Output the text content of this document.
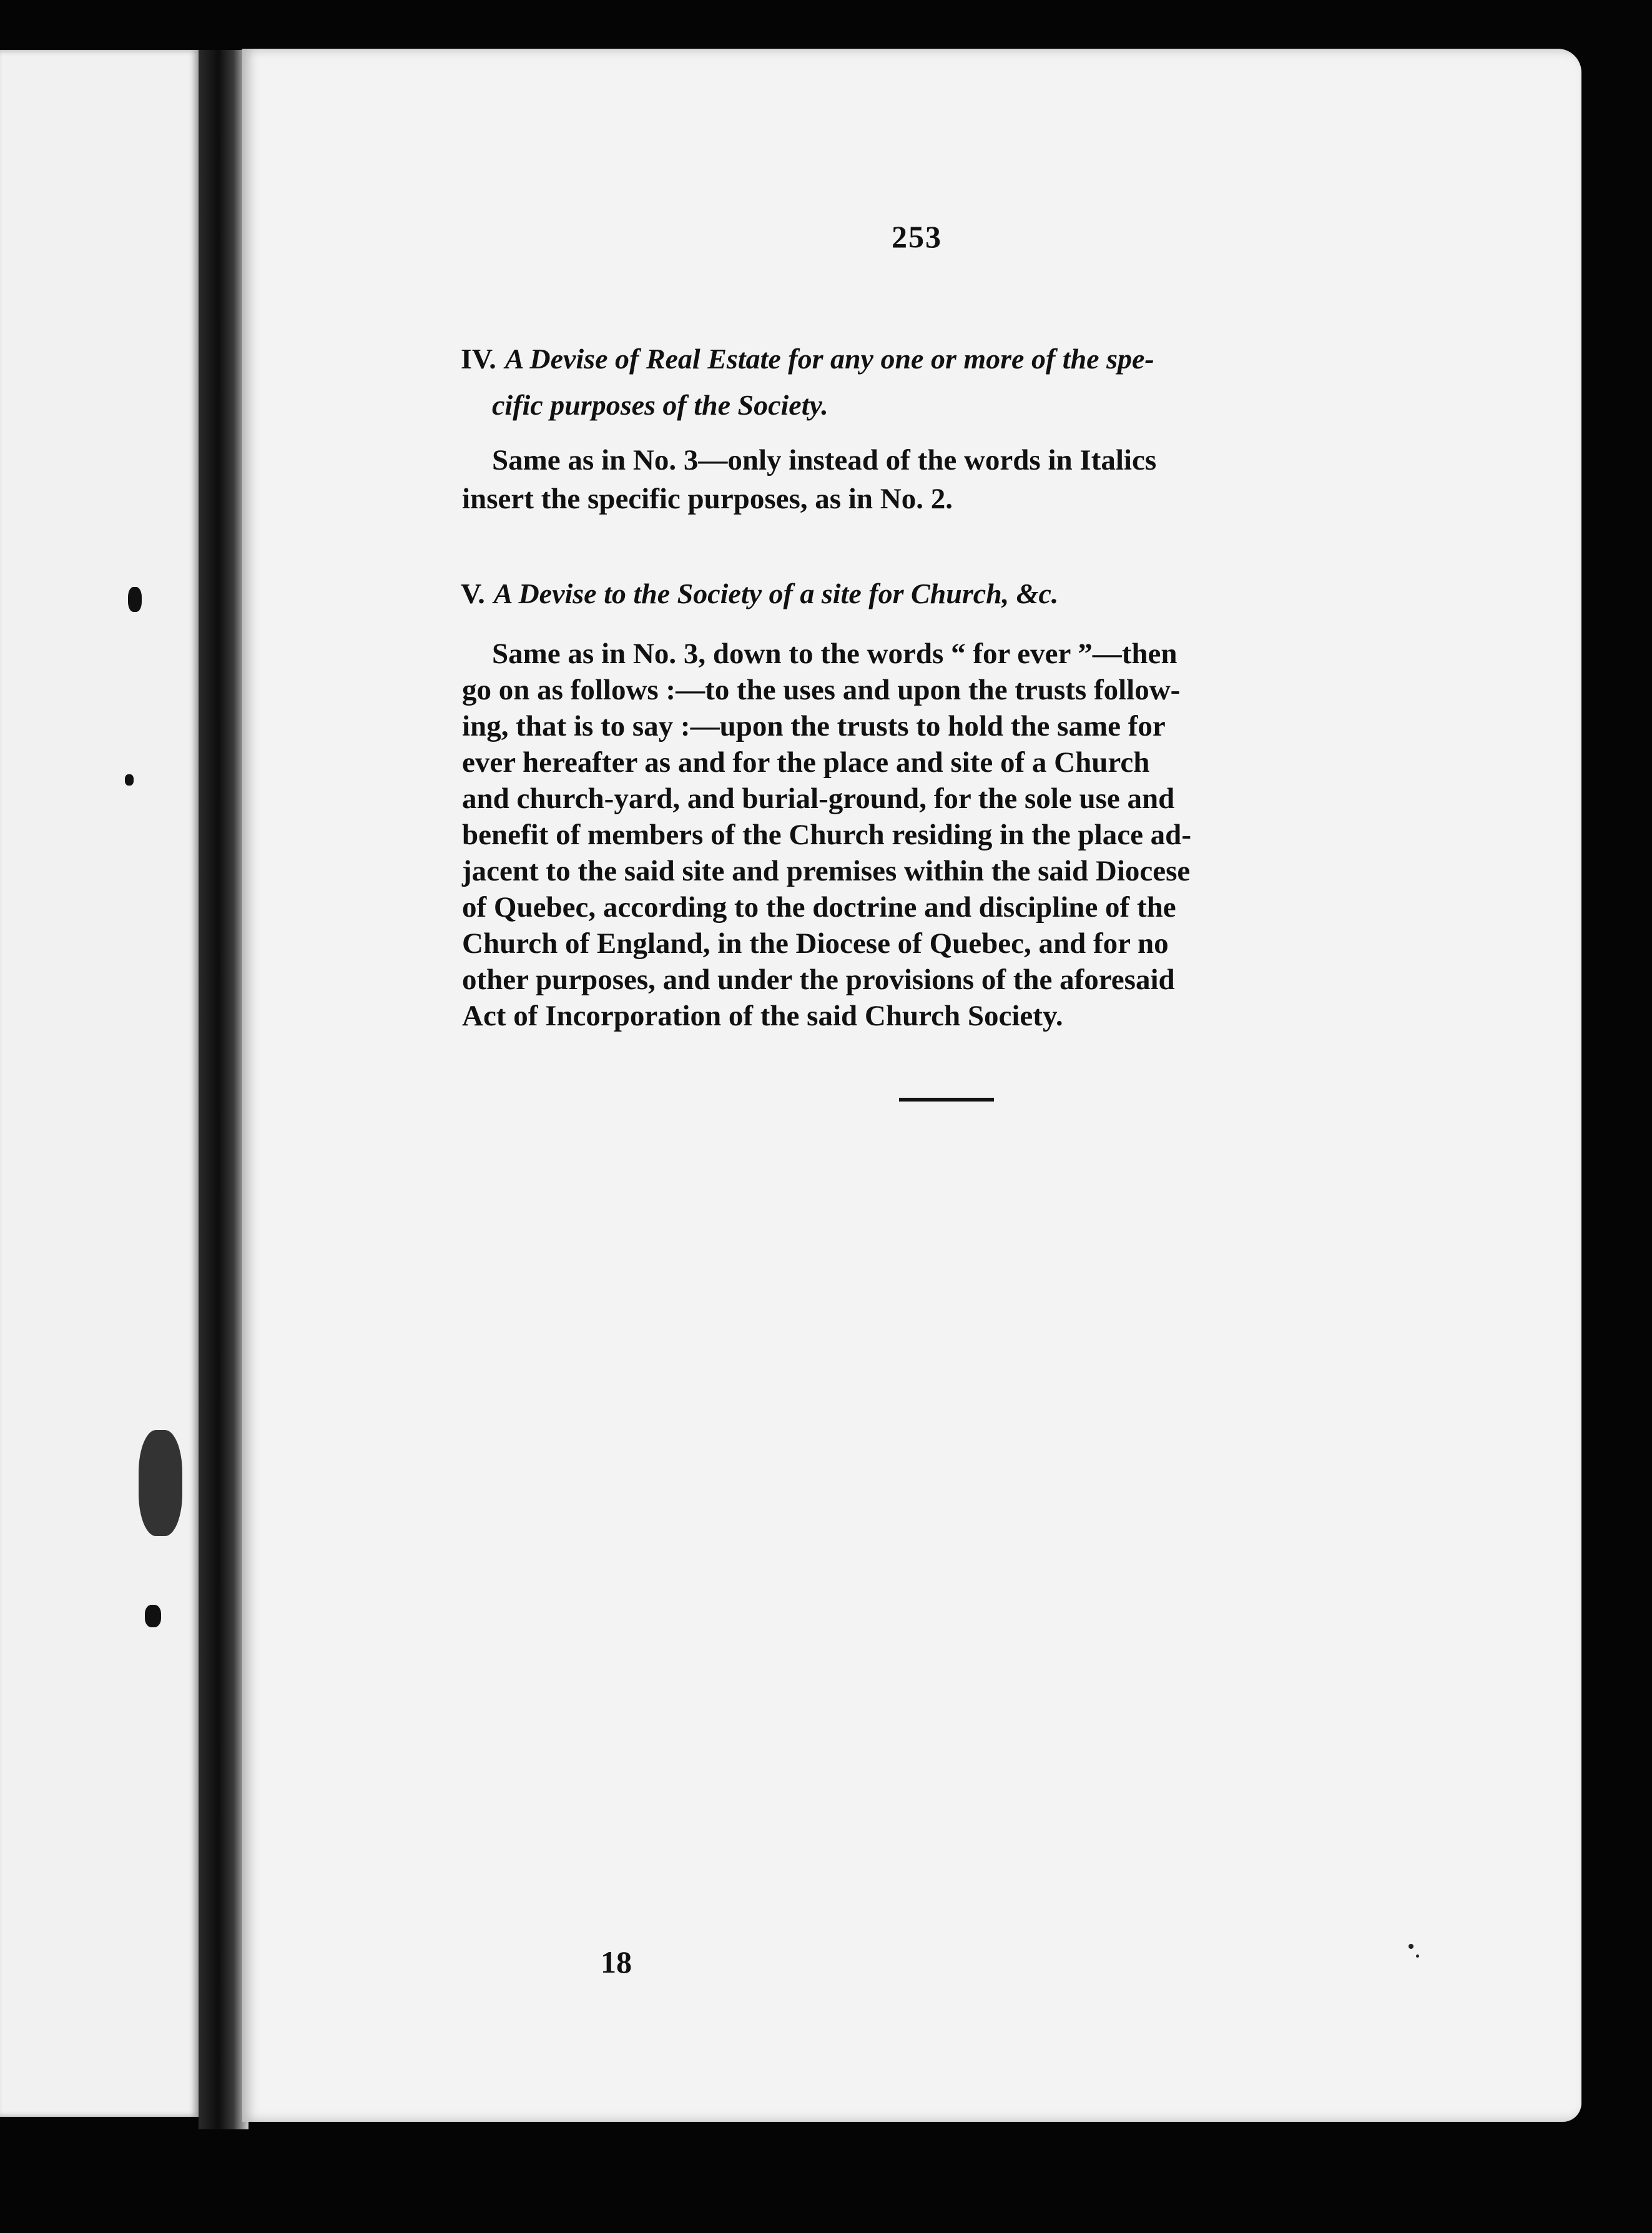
253
IV. A Devise of Real Estate for any one or more of the spe-
cific purposes of the Society.
Same as in No. 3—only instead of the words in Italics
insert the specific purposes, as in No. 2.
V. A Devise to the Society of a site for Church, &c.
Same as in No. 3, down to the words “ for ever ”—then
go on as follows :—to the uses and upon the trusts follow-
ing, that is to say :—upon the trusts to hold the same for
ever hereafter as and for the place and site of a Church
and church-yard, and burial-ground, for the sole use and
benefit of members of the Church residing in the place ad-
jacent to the said site and premises within the said Diocese
of Quebec, according to the doctrine and discipline of the
Church of England, in the Diocese of Quebec, and for no
other purposes, and under the provisions of the aforesaid
Act of Incorporation of the said Church Society.
18
